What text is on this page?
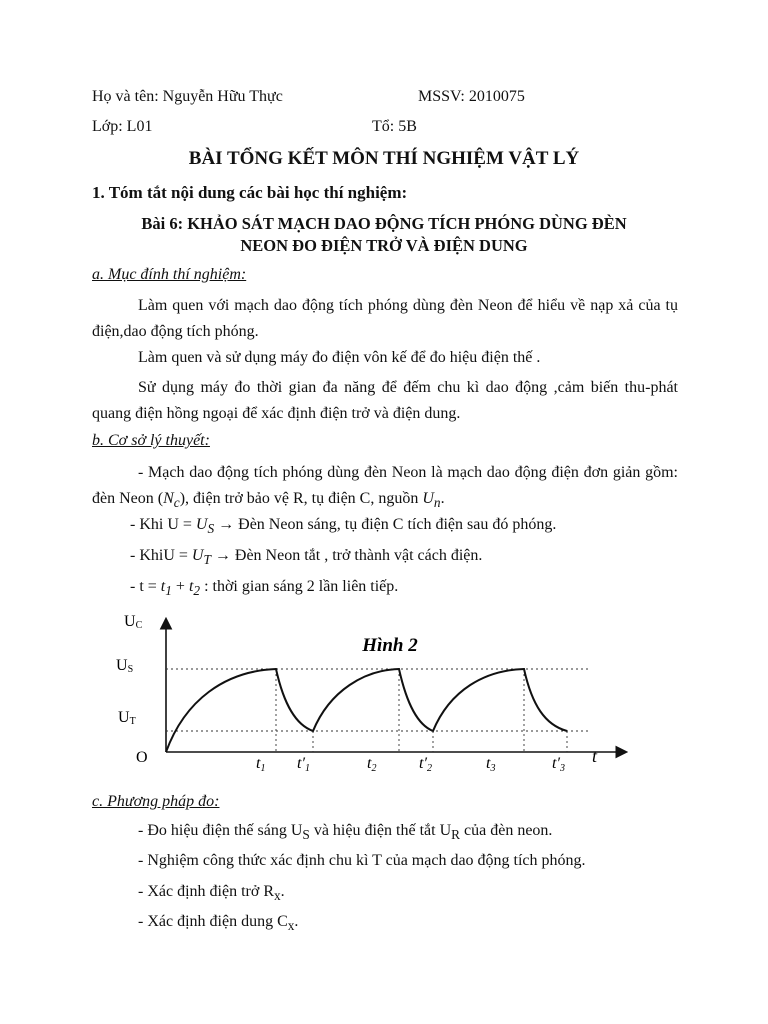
Họ và tên: Nguyễn Hữu Thực	MSSV: 2010075
Lớp: L01	Tổ: 5B
BÀI TỔNG KẾT MÔN THÍ NGHIỆM VẬT LÝ
1. Tóm tắt nội dung các bài học thí nghiệm:
Bài 6: KHẢO SÁT MẠCH DAO ĐỘNG TÍCH PHÓNG DÙNG ĐÈN
NEON ĐO ĐIỆN TRỞ VÀ ĐIỆN DUNG
a. Mục đính thí nghiệm:
Làm quen với mạch dao động tích phóng dùng đèn Neon để hiểu về nạp xả của tụ điện,dao động tích phóng.
Làm quen và sử dụng máy đo điện vôn kế để đo hiệu điện thế .
Sử dụng máy đo thời gian đa năng để đếm chu kì dao động ,cảm biến thu-phát quang điện hồng ngoại để xác định điện trở và điện dung.
b. Cơ sở lý thuyết:
- Mạch dao động tích phóng dùng đèn Neon là mạch dao động điện đơn giản gồm: đèn Neon $(N_c)$, điện trở bảo vệ R, tụ điện C, nguồn $U_n$.
- Khi $U = U_S$ → Đèn Neon sáng, tụ điện C tích điện sau đó phóng.
- KhiU = $U_T$ → Đèn Neon tắt , trở thành vật cách điện.
- $t = t_1 + t_2$ : thời gian sáng 2 lần liên tiếp.
Hình 2
UC
US
UT
O	t
t1 t′1	t2	t′2	t3	t′3
c. Phương pháp đo:
- Đo hiệu điện thế sáng $U_S$ và hiệu điện thế tắt $U_R$ của đèn neon.
- Nghiệm công thức xác định chu kì T của mạch dao động tích phóng.
- Xác định điện trở $R_x$.
- Xác định điện dung $C_x$.
